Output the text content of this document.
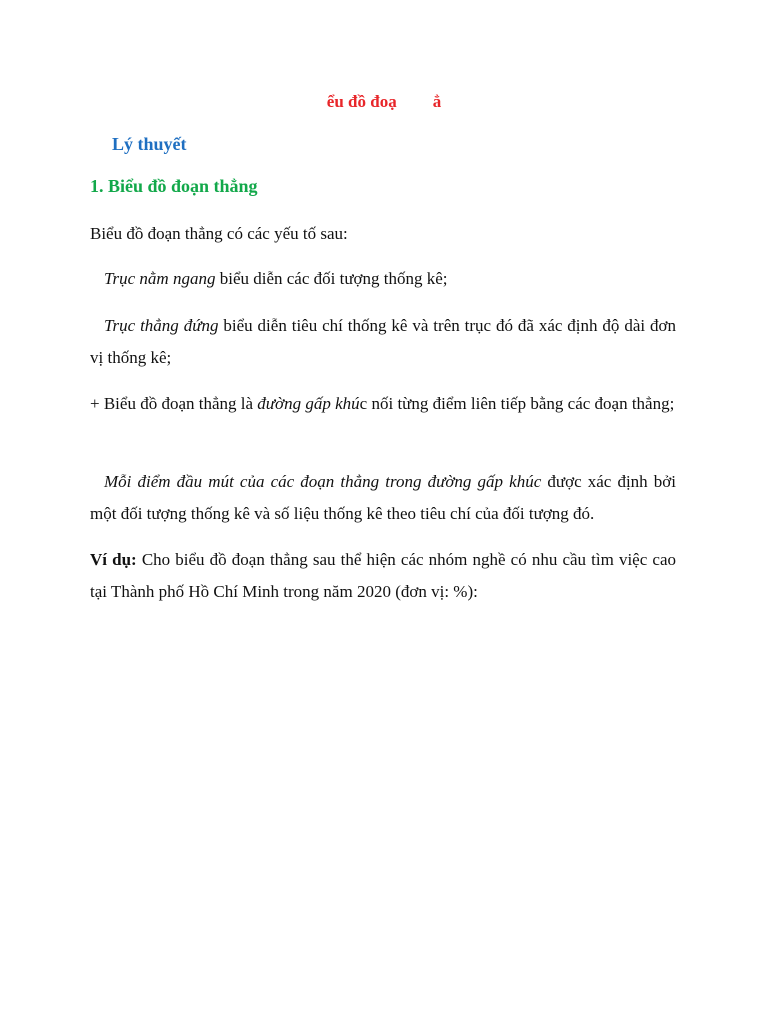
ểu đồ đoạ ẳ
Lý thuyết
1. Biểu đồ đoạn thẳng
Biểu đồ đoạn thẳng có các yếu tố sau:
Trục nằm ngang biểu diễn các đối tượng thống kê;
Trục thẳng đứng biểu diễn tiêu chí thống kê và trên trục đó đã xác định độ dài đơn vị thống kê;
+ Biểu đồ đoạn thẳng là đường gấp khúc nối từng điểm liên tiếp bằng các đoạn thẳng;
Mỗi điểm đầu mút của các đoạn thẳng trong đường gấp khúc được xác định bởi một đối tượng thống kê và số liệu thống kê theo tiêu chí của đối tượng đó.
Ví dụ: Cho biểu đồ đoạn thẳng sau thể hiện các nhóm nghề có nhu cầu tìm việc cao tại Thành phố Hồ Chí Minh trong năm 2020 (đơn vị: %):
